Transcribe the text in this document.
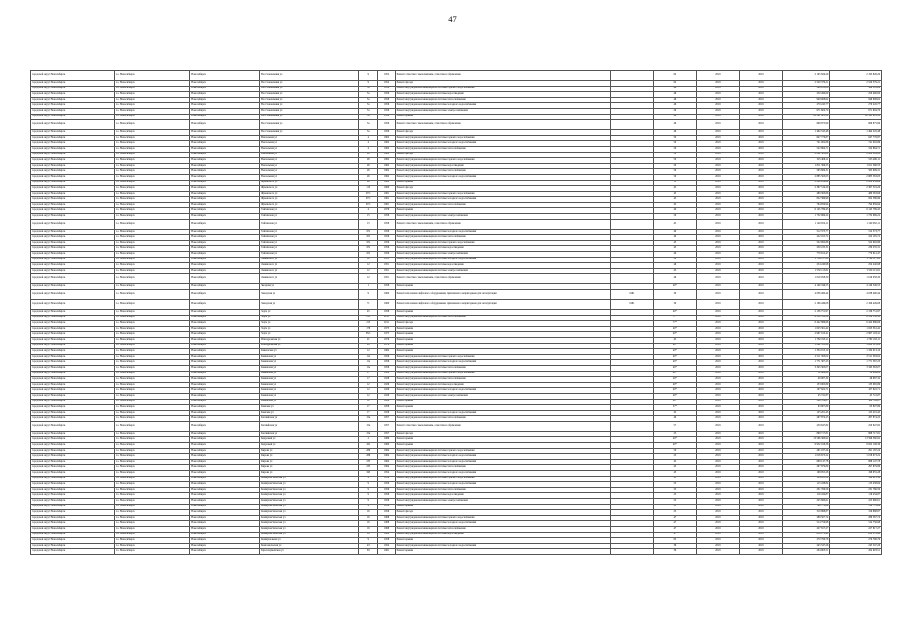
47
городской округ Новосибирск	г.о. Новосибирск	Новосибирск	Восстановления ул	9	1952	Ремонт отмостки с выполнением, отмостки и обрамления		62	2019	2019	2 193 826,29	2 193 826,29
городской округ Новосибирск	г.о. Новосибирск	Новосибирск	Восстановления ул	9	1952	Ремонт фасада		62	2019	2019	2 520 379,21	2 520 379,21
городской округ Новосибирск	г.о. Новосибирск	Новосибирск	Восстановления ул	3а	1956	Ремонт внутридомовой инженерной системы горячего водоснабжения		46	2019	2019	369 103,06	369 103,06
городской округ Новосибирск	г.о. Новосибирск	Новосибирск	Восстановления ул	3а	1956	Ремонт внутридомовой инженерной системы водоотведения		46	2019	2019	250 490,60	250 490,60
городской округ Новосибирск	г.о. Новосибирск	Новосибирск	Восстановления ул	3а	1956	Ремонт внутридомовой инженерной системы теплоснабжения		46	2019	2019	949 908,62	949 908,62
городской округ Новосибирск	г.о. Новосибирск	Новосибирск	Восстановления ул	3а	1956	Ремонт внутридомовой инженерной системы холодного водоснабжения		46	2019	2019	270 245,77	270 245,77
городской округ Новосибирск	г.о. Новосибирск	Новосибирск	Восстановления ул	3а	1956	Ремонт внутридомовой инженерной системы электроснабжения		29	2019	2019	671 604,70	671 604,70
городской округ Новосибирск	г.о. Новосибирск	Новосибирск	Восстановления ул	3а	1956	Ремонт крыши		46	2019	2019	22 541 801,32	22 541 801,32
городской округ Новосибирск	г.о. Новосибирск	Новосибирск	Восстановления ул	3а	1956	Ремонт отмостки с выполнением, отмостки и обрамления		46	2019	2019	669 875,99	669 875,99
городской округ Новосибирск	г.о. Новосибирск	Новосибирск	Восстановления ул	3а	1956	Ремонт фасада		46	2019	2019	1 494 545,48	1 494 545,48
городской округ Новосибирск	г.о. Новосибирск	Новосибирск	Вокзальная ул	4	1962	Ремонт внутридомовой инженерной системы горячего водоснабжения		50	2019	2019	647 776,87	647 776,87
городской округ Новосибирск	г.о. Новосибирск	Новосибирск	Вокзальная ул	4	1962	Ремонт внутридомовой инженерной системы холодного водоснабжения		50	2019	2019	741 002,86	741 002,86
городской округ Новосибирск	г.о. Новосибирск	Новосибирск	Вокзальная ул	4	1962	Ремонт внутридомовой инженерной системы теплоснабжения		50	2019	2019	522 864,71	522 864,71
городской округ Новосибирск	г.о. Новосибирск	Новосибирск	Вокзальная ул	26	1962	Ремонт фасада		50	2019	2019	2 082 361,82	2 082 361,82
городской округ Новосибирск	г.о. Новосибирск	Новосибирск	Вокзальная ул	26	1962	Ремонт внутридомовой инженерной системы горячего водоснабжения		50	2019	2019	525 406,11	525 406,11
городской округ Новосибирск	г.о. Новосибирск	Новосибирск	Вокзальная ул	26	1962	Ремонт внутридомовой инженерной системы водоотведения		50	2019	2019	1 811 366,53	1 811 366,53
городской округ Новосибирск	г.о. Новосибирск	Новосибирск	Вокзальная ул	26	1962	Ремонт внутридомовой инженерной системы теплоснабжения		50	2019	2019	565 609,31	565 609,31
городской округ Новосибирск	г.о. Новосибирск	Новосибирск	Вокзальная ул	26	1962	Ремонт внутридомовой инженерной системы холодного водоснабжения		50	2019	2019	2 885 563,03	2 885 563,03
городской округ Новосибирск	г.о. Новосибирск	Новосибирск	Жуковского ул	99	1962	Ремонт крыши		15	2019	2019	2 006 959,64	2 006 959,64
городской округ Новосибирск	г.о. Новосибирск	Новосибирск	Жуковского ул	113	1960	Ремонт фасада		45	2019	2019	2 367 519,20	2 367 519,20
городской округ Новосибирск	г.о. Новосибирск	Новосибирск	Жуковского ул	97/1	1961	Ремонт внутридомовой инженерной системы горячего водоснабжения		45	2019	2019	480 363,66	480 363,66
городской округ Новосибирск	г.о. Новосибирск	Новосибирск	Жуковского ул	97/1	1961	Ремонт внутридомовой инженерной системы холодного водоснабжения		45	2019	2019	822 386,99	822 386,99
городской округ Новосибирск	г.о. Новосибирск	Новосибирск	Жуковского ул	97/1	1961	Ремонт внутридомовой инженерной системы теплоснабжения		45	2019	2019	794 659,94	794 659,94
городской округ Новосибирск	г.о. Новосибирск	Новосибирск	Тайгинская ул	4	1979	Ремонт крыши		40	2019	2019	6 145 789,45	6 145 789,45
городской округ Новосибирск	г.о. Новосибирск	Новосибирск	Тайгинская ул	15	1958	Ремонт внутридомовой инженерной системы электроснабжения		50	2019	2019	1 732 669,22	1 732 669,22
городской округ Новосибирск	г.о. Новосибирск	Новосибирск	Тайгинская ул	15	1958	Ремонт отмостки с выполнением, отмостки и обрамления		45	2019	2019	1 140 652,11	1 140 652,11
городской округ Новосибирск	г.о. Новосибирск	Новосибирск	Тайгинская ул	6/9	1956	Ремонт внутридомовой инженерной системы холодного водоснабжения		40	2019	2019	512 373,77	512 373,77
городской округ Новосибирск	г.о. Новосибирск	Новосибирск	Тайгинская ул	6/9	1956	Ремонт внутридомовой инженерной системы теплоснабжения		40	2019	2019	222 165,72	222 165,72
городской округ Новосибирск	г.о. Новосибирск	Новосибирск	Тайгинская ул	6/9	1956	Ремонт внутридомовой инженерной системы горячего водоснабжения		45	2019	2019	522 992,86	522 992,86
городской округ Новосибирск	г.о. Новосибирск	Новосибирск	Тайгинская ул	6/9	1956	Ремонт внутридомовой инженерной системы водоотведения		45	2019	2019	230 235,31	230 235,31
городской округ Новосибирск	г.о. Новосибирск	Новосибирск	Тайгинская ул	6/9	1956	Ремонт внутридомовой инженерной системы электроснабжения		40	2019	2019	770 612,47	770 612,47
городской округ Новосибирск	г.о. Новосибирск	Новосибирск	Ленинского ул	12	1951	Ремонт внутридомовой инженерной системы холодного водоснабжения		50	2019	2019	1 784 117,28	1 784 117,28
городской округ Новосибирск	г.о. Новосибирск	Новосибирск	Ленинского ул	12	1951	Ремонт внутридомовой инженерной системы водоотведения		46	2019	2019	254 240,98	254 240,98
городской округ Новосибирск	г.о. Новосибирск	Новосибирск	Ленинского ул	12	1951	Ремонт внутридомовой инженерной системы электроснабжения		45	2019	2019	1 550 115,81	1 550 115,81
городской округ Новосибирск	г.о. Новосибирск	Новосибирск	Ленинского ул	12	1951	Ремонт отмостки с выполнением, отмостки и обрамления		46	2019	2019	1 019 058,30	1 019 058,30
городской округ Новосибирск	г.о. Новосибирск	Новосибирск	Звездная ул	1	1958	Ремонт крыши		40*	2019	2019	4 149 346,55	4 149 346,55
городской округ Новосибирск	г.о. Новосибирск	Новосибирск	Заводская ул	9	1960	Ремонт или замена лифтового оборудования, признанного непригодным для эксплуатации	1981	30	2019	2019	4 038 490,44	4 038 490,44
городской округ Новосибирск	г.о. Новосибирск	Новосибирск	Заводская ул	71	1960	Ремонт или замена лифтового оборудования, признанного непригодным для эксплуатации	1981	30	2019	2019	2 166 449,08	2 166 449,08
городской округ Новосибирск	г.о. Новосибирск	Новосибирск	Зорге ул	45	1958	Ремонт крыши		40*	2019	2019	2 136 751,97	2 136 751,97
городской округ Новосибирск	г.о. Новосибирск	Новосибирск	Зорге ул	215	2011	Ремонт внутридомовой инженерной системы теплоснабжения		77*	2019	2019	6 530 552,50	6 530 552,50
городской округ Новосибирск	г.о. Новосибирск	Новосибирск	Зорге ул	215	2011	Ремонт фасада		77*	2019	2019	6 422 886,66	6 422 886,66
городской округ Новосибирск	г.о. Новосибирск	Новосибирск	Зорге ул	178	1975	Ремонт крыши		40*	2019	2019	1 023 361,42	1 023 361,42
городской округ Новосибирск	г.о. Новосибирск	Новосибирск	Зорге ул	85/1	1975	Ремонт крыши		40*	2019	2019	2 967 103,41	2 967 103,41
городской округ Новосибирск	г.о. Новосибирск	Новосибирск	Ипподромская ул	21	1976	Ремонт крыши		45	2019	2019	1 782 193,11	1 782 193,11
городской округ Новосибирск	г.о. Новосибирск	Новосибирск	Ипподромская ул	28	1976	Ремонт крыши		40*	2019	2019	3 062 513,20	3 062 513,20
городской округ Новосибирск	г.о. Новосибирск	Новосибирск	Кавказская ул	12	1962	Ремонт крыши		40*	2019	2019	1 334 013,10	1 334 013,10
городской округ Новосибирск	г.о. Новосибирск	Новосибирск	Каменская ул	11а	1956	Ремонт внутридомовой инженерной системы горячего водоснабжения		40*	2019	2019	2 511 363,02	2 511 363,02
городской округ Новосибирск	г.о. Новосибирск	Новосибирск	Каменская ул	11а	1956	Ремонт внутридомовой инженерной системы холодного водоснабжения		40*	2019	2019	1 771 367,23	1 771 367,23
городской округ Новосибирск	г.о. Новосибирск	Новосибирск	Каменская ул	11а	1956	Ремонт внутридомовой инженерной системы теплоснабжения		40*	2019	2019	3 343 363,07	3 343 363,07
городской округ Новосибирск	г.о. Новосибирск	Новосибирск	Каменская ул	17	1928	Ремонт внутридомовой инженерной системы горячего водоснабжения		40*	2019	2019	52 489,20	52 489,20
городской округ Новосибирск	г.о. Новосибирск	Новосибирск	Каменская ул	17	1928	Ремонт внутридомовой инженерной системы теплоснабжения		40*	2019	2019	46 067,32	46 067,32
городской округ Новосибирск	г.о. Новосибирск	Новосибирск	Каменская ул	12	1929	Ремонт внутридомовой инженерной системы водоотведения		40*	2019	2019	133 065,89	133 065,89
городской округ Новосибирск	г.о. Новосибирск	Новосибирск	Каменская ул	12	1929	Ремонт внутридомовой инженерной системы холодного водоснабжения		40*	2019	2019	107 822,71	107 822,71
городской округ Новосибирск	г.о. Новосибирск	Новосибирск	Каменская ул	12	1929	Ремонт внутридомовой инженерной системы электроснабжения		40*	2019	2019	45 741,87	45 741,87
городской округ Новосибирск	г.о. Новосибирск	Новосибирск	Каменская ул	12	1929	Ремонт крыши		40*	2019	2019	586 709,87	586 709,87
городской округ Новосибирск	г.о. Новосибирск	Новосибирск	Камская ул	17	1958	Ремонт крыши		57*	2019	2019	63 807,89	63 807,89
городской округ Новосибирск	г.о. Новосибирск	Новосибирск	Камская ул	17	1958	Ремонт внутридомовой инженерной системы холодного водоснабжения		45	2019	2019	125 201,45	125 201,45
городской округ Новосибирск	г.о. Новосибирск	Новосибирск	Каспийская ул	15к	1957	Ремонт внутридомовой инженерной системы теплоснабжения		40	2019	2019	267 874,25	267 874,25
городской округ Новосибирск	г.о. Новосибирск	Новосибирск	Каспийская ул	15к	1957	Ремонт отмостки с выполнением, отмостки и обрамления		57	2019	2019	250 647,82	250 647,82
городской округ Новосибирск	г.о. Новосибирск	Новосибирск	Каспийская ул	15к	1957	Ремонт фасада		25	2019	2019	868 717,81	868 717,81
городской округ Новосибирск	г.о. Новосибирск	Новосибирск	Кедровый ул	2	1986	Ремонт крыши		40*	2019	2019	13 596 360,92	13 596 360,92
городской округ Новосибирск	г.о. Новосибирск	Новосибирск	Кедровый ул	161	1990	Ремонт крыши		40*	2019	2019	9 952 108,36	9 952 108,36
городской округ Новосибирск	г.о. Новосибирск	Новосибирск	Кирова ул	289	1964	Ремонт внутридомовой инженерной системы горячего водоснабжения		50	2019	2019	291 187,24	291 187,24
городской округ Новосибирск	г.о. Новосибирск	Новосибирск	Кирова ул	289	1964	Ремонт внутридомовой инженерной системы холодного водоснабжения		25	2019	2019	1 018 673,22	1 018 673,22
городской округ Новосибирск	г.о. Новосибирск	Новосибирск	Кирова ул	235	1964	Ремонт внутридомовой инженерной системы холодного водоснабжения		45	2019	2019	668 147,78	668 147,78
городской округ Новосибирск	г.о. Новосибирск	Новосибирск	Кирова ул	235	1964	Ремонт внутридомовой инженерной системы теплоснабжения		45	2019	2019	297 879,89	297 879,89
городской округ Новосибирск	г.о. Новосибирск	Новосибирск	Кирова ул	345	1954	Ремонт внутридомовой инженерной системы холодного водоснабжения		45	2019	2019	198 955,28	198 955,28
городской округ Новосибирск	г.о. Новосибирск	Новосибирск	Коммунистическая ул	9	1959	Ремонт внутридомовой инженерной системы горячего водоснабжения		25	2019	2019	124 615,59	124 615,59
городской округ Новосибирск	г.о. Новосибирск	Новосибирск	Коммунистическая ул	9	1959	Ремонт внутридомовой инженерной системы холодного водоснабжения		25	2019	2019	113 438,84	113 438,84
городской округ Новосибирск	г.о. Новосибирск	Новосибирск	Коммунистическая ул	9	1959	Ремонт внутридомовой инженерной системы теплоснабжения		25	2019	2019	231 766,59	231 766,59
городской округ Новосибирск	г.о. Новосибирск	Новосибирск	Коммунистическая ул	9	1959	Ремонт внутридомовой инженерной системы водоотведения		25	2019	2019	119 434,87	119 434,87
городской округ Новосибирск	г.о. Новосибирск	Новосибирск	Коммунистическая ул	9	1959	Ремонт внутридомовой инженерной системы электроснабжения		25	2019	2019	225 690,61	225 690,61
городской округ Новосибирск	г.о. Новосибирск	Новосибирск	Коммунистическая ул	9	1959	Ремонт крыши		25	2019	2019	766 778,64	766 778,64
городской округ Новосибирск	г.о. Новосибирск	Новосибирск	Коммунистическая ул	16	1959	Ремонт фасада		25	2019	2019	316 888,87	316 888,87
городской округ Новосибирск	г.о. Новосибирск	Новосибирск	Коммунистическая ул	16	1968	Ремонт внутридомовой инженерной системы горячего водоснабжения		47	2019	2019	289 567,74	289 567,74
городской округ Новосибирск	г.о. Новосибирск	Новосибирск	Коммунистическая ул	16	1968	Ремонт внутридомовой инженерной системы холодного водоснабжения		47	2019	2019	514 756,98	514 756,98
городской округ Новосибирск	г.о. Новосибирск	Новосибирск	Коммунистическая ул	16	1968	Ремонт внутридомовой инженерной системы теплоснабжения		47	2019	2019	227 817,27	227 817,27
городской округ Новосибирск	г.о. Новосибирск	Новосибирск	Коммунистическая ул	16	1968	Ремонт внутридомовой инженерной системы водоотведения		47	2019	2019	658 172,40	658 172,40
городской округ Новосибирск	г.о. Новосибирск	Новосибирск	Коммунальная ул	9	1958	Ремонт крыши		65	2019	2019	270 796,76	270 796,76
городской округ Новосибирск	г.о. Новосибирск	Новосибирск	Комсомольская ул	43	1954	Ремонт внутридомовой инженерной системы холодного водоснабжения		36	2019	2019	245 547,26	245 547,26
городской округ Новосибирск	г.о. Новосибирск	Новосибирск	Красноармейская ул	63	1961	Ремонт крыши		36	2019	2019	204 903,51	204 903,51
